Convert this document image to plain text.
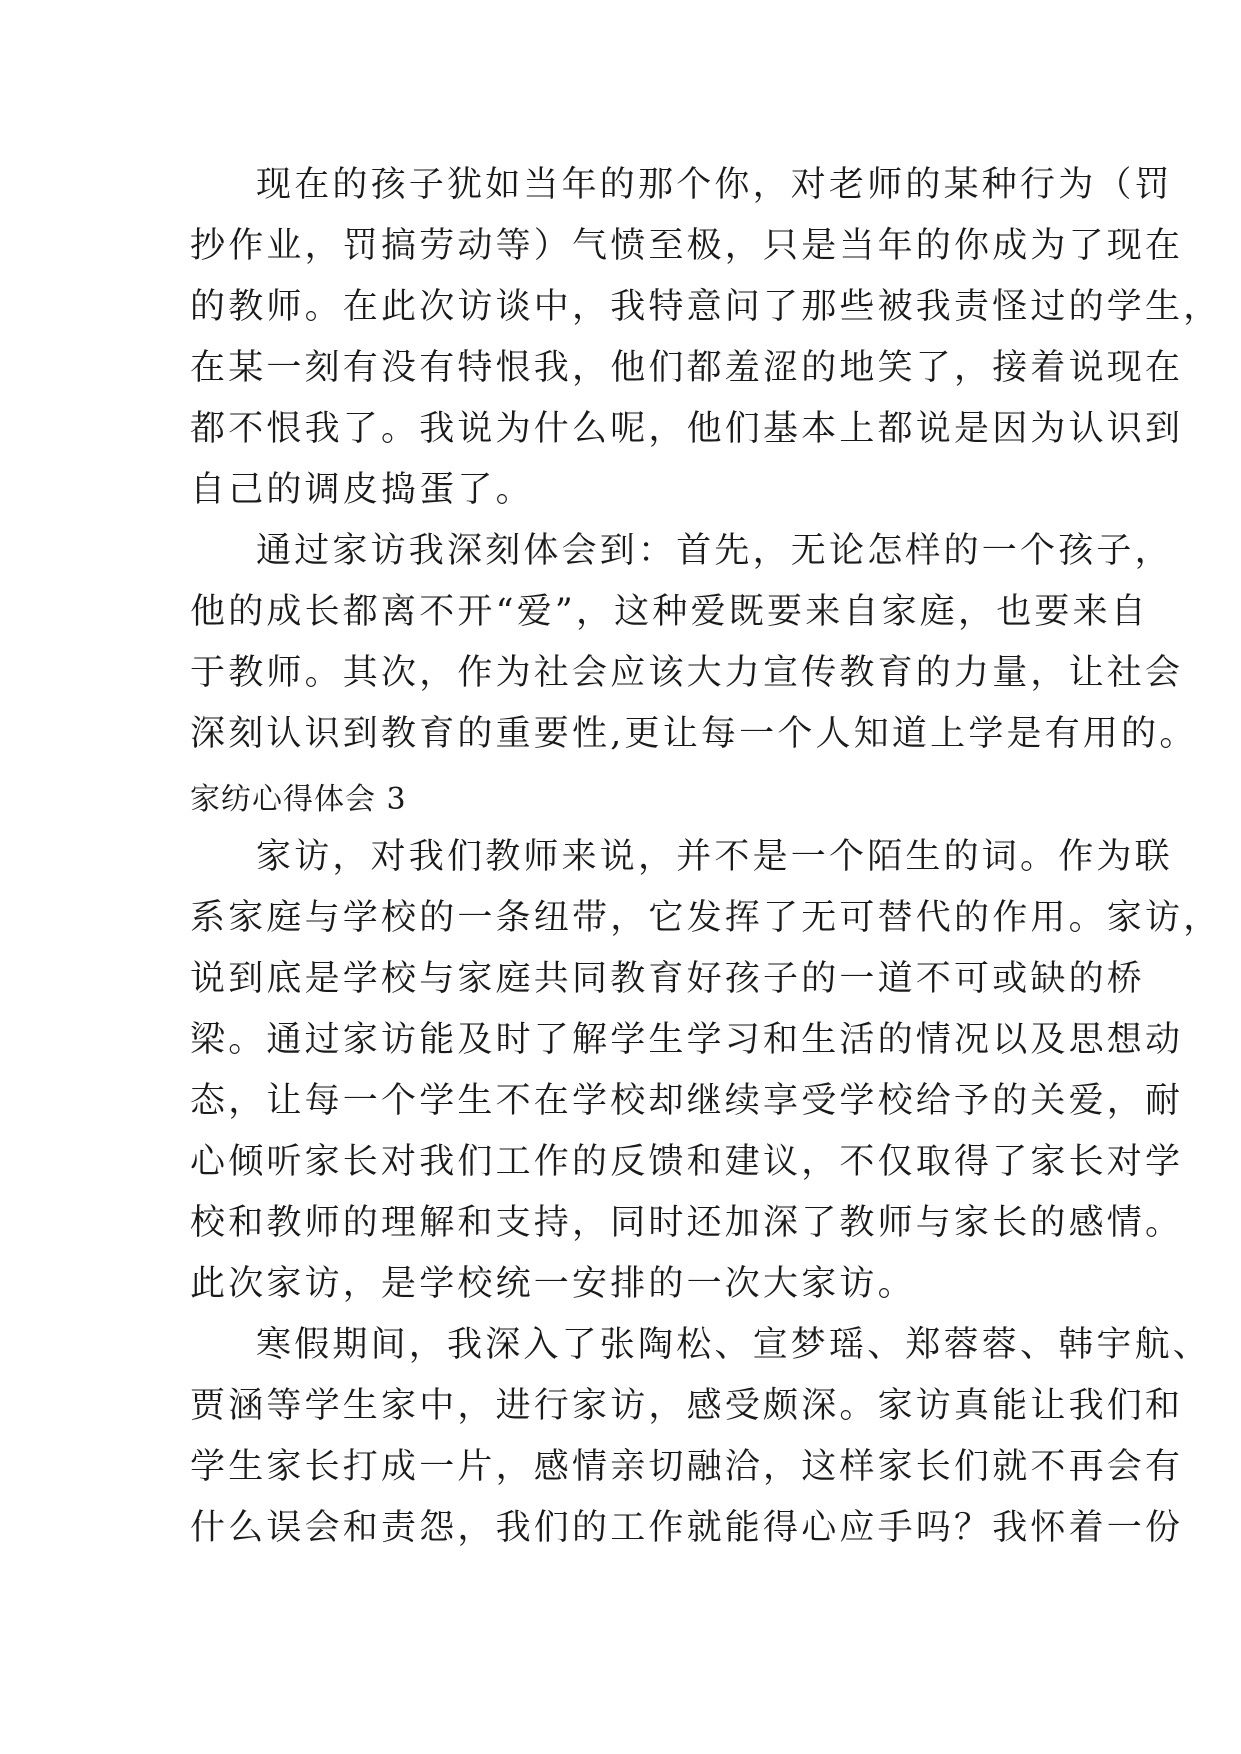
现在的孩子犹如当年的那个你，对老师的某种行为（罚
抄作业，罚搞劳动等）气愤至极，只是当年的你成为了现在
的教师。在此次访谈中，我特意问了那些被我责怪过的学生，
在某一刻有没有特恨我，他们都羞涩的地笑了，接着说现在
都不恨我了。我说为什么呢，他们基本上都说是因为认识到
自己的调皮捣蛋了。
通过家访我深刻体会到：首先，无论怎样的一个孩子，
他的成长都离不开“爱”，这种爱既要来自家庭，也要来自
于教师。其次，作为社会应该大力宣传教育的力量，让社会
深刻认识到教育的重要性,更让每一个人知道上学是有用的。
家纺心得体会 3
家访，对我们教师来说，并不是一个陌生的词。作为联
系家庭与学校的一条纽带，它发挥了无可替代的作用。家访，
说到底是学校与家庭共同教育好孩子的一道不可或缺的桥
梁。通过家访能及时了解学生学习和生活的情况以及思想动
态，让每一个学生不在学校却继续享受学校给予的关爱，耐
心倾听家长对我们工作的反馈和建议，不仅取得了家长对学
校和教师的理解和支持，同时还加深了教师与家长的感情。
此次家访，是学校统一安排的一次大家访。
寒假期间，我深入了张陶松、宣梦瑶、郑蓉蓉、韩宇航、
贾涵等学生家中，进行家访，感受颇深。家访真能让我们和
学生家长打成一片，感情亲切融洽，这样家长们就不再会有
什么误会和责怨，我们的工作就能得心应手吗？我怀着一份
